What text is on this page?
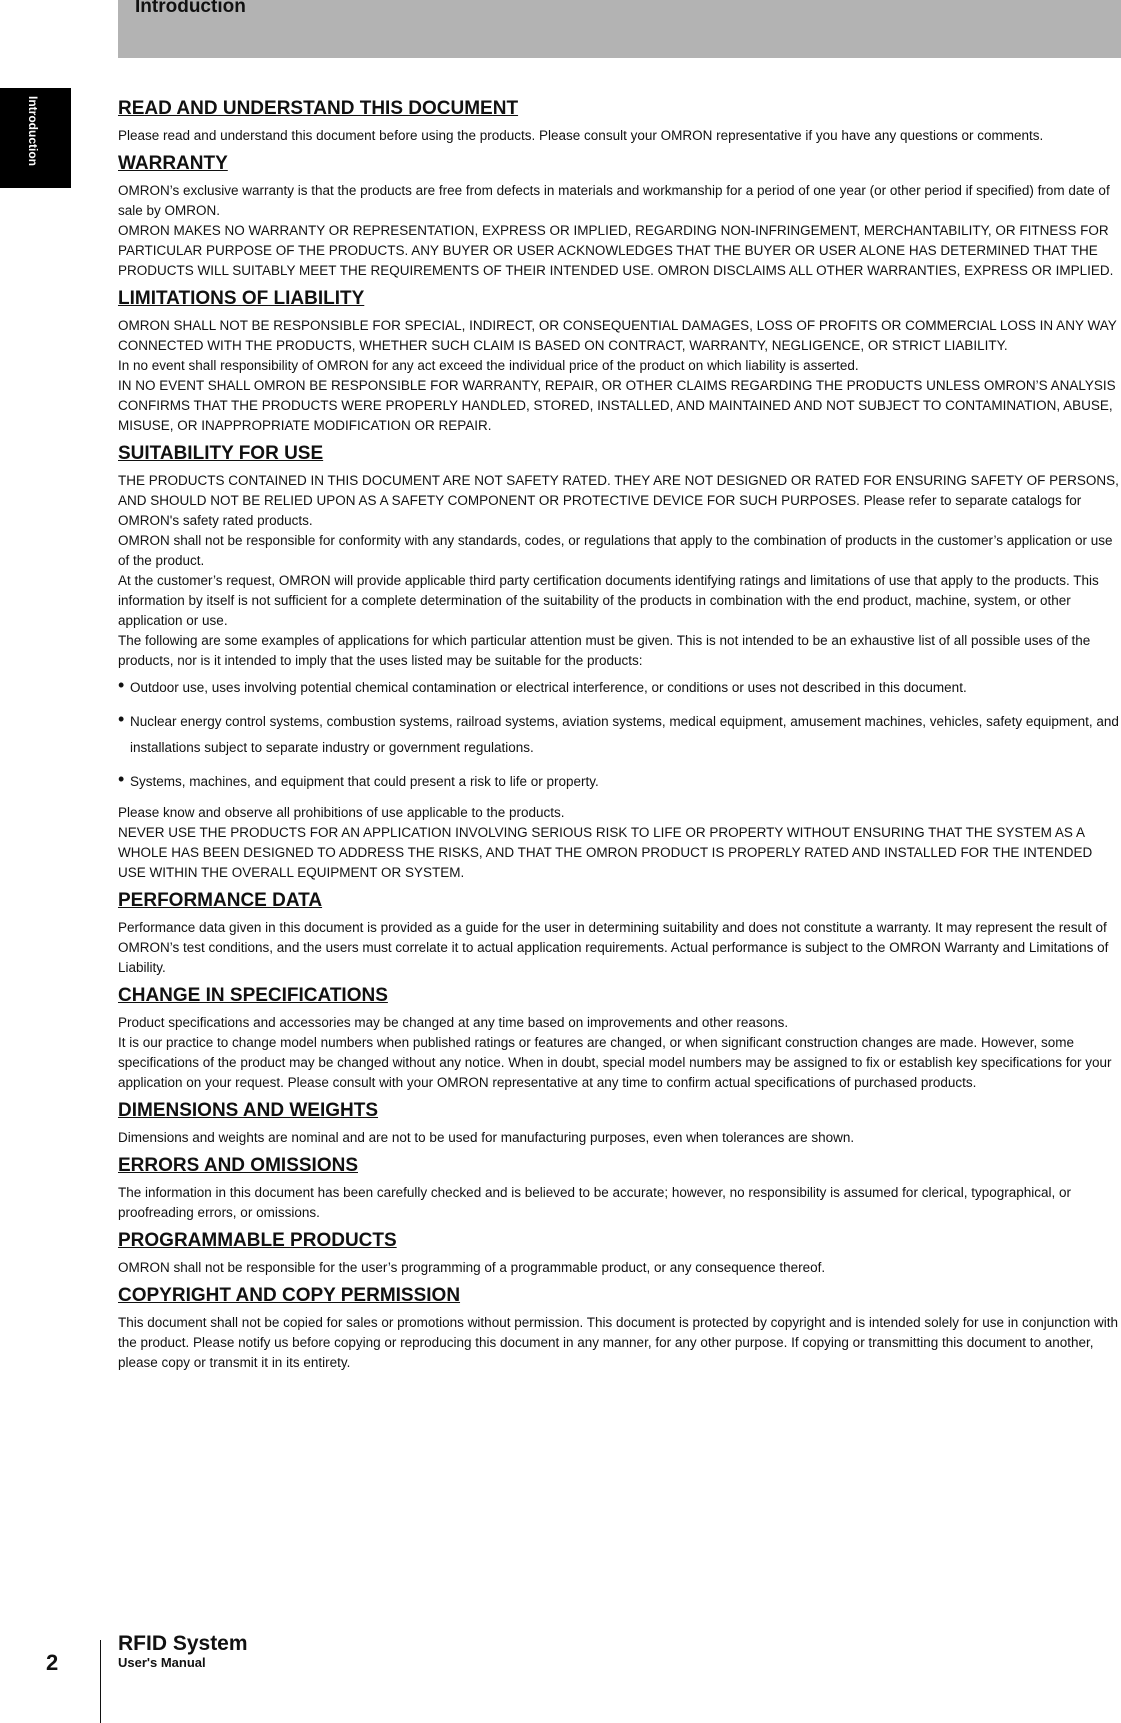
Introduction
Introduction	READ AND UNDERSTAND THIS DOCUMENT

Please read and understand this document before using the products. Please consult your OMRON representative if you have any questions or comments.

WARRANTY

OMRON’s exclusive warranty is that the products are free from defects in materials and workmanship for a period of one year (or other period if specified) from date of sale by OMRON.

OMRON MAKES NO WARRANTY OR REPRESENTATION, EXPRESS OR IMPLIED, REGARDING NON-INFRINGEMENT, MERCHANTABILITY, OR FITNESS FOR PARTICULAR PURPOSE OF THE PRODUCTS. ANY BUYER OR USER ACKNOWLEDGES THAT THE BUYER OR USER ALONE HAS DETERMINED THAT THE PRODUCTS WILL SUITABLY MEET THE REQUIREMENTS OF THEIR INTENDED USE. OMRON DISCLAIMS ALL OTHER WARRANTIES, EXPRESS OR IMPLIED.

LIMITATIONS OF LIABILITY

OMRON SHALL NOT BE RESPONSIBLE FOR SPECIAL, INDIRECT, OR CONSEQUENTIAL DAMAGES, LOSS OF PROFITS OR COMMERCIAL LOSS IN ANY WAY CONNECTED WITH THE PRODUCTS, WHETHER SUCH CLAIM IS BASED ON CONTRACT, WARRANTY, NEGLIGENCE, OR STRICT LIABILITY.

In no event shall responsibility of OMRON for any act exceed the individual price of the product on which liability is asserted.

IN NO EVENT SHALL OMRON BE RESPONSIBLE FOR WARRANTY, REPAIR, OR OTHER CLAIMS REGARDING THE PRODUCTS UNLESS OMRON’S ANALYSIS CONFIRMS THAT THE PRODUCTS WERE PROPERLY HANDLED, STORED, INSTALLED, AND MAINTAINED AND NOT SUBJECT TO CONTAMINATION, ABUSE, MISUSE, OR INAPPROPRIATE MODIFICATION OR REPAIR.

SUITABILITY FOR USE

THE PRODUCTS CONTAINED IN THIS DOCUMENT ARE NOT SAFETY RATED. THEY ARE NOT DESIGNED OR RATED FOR ENSURING SAFETY OF PERSONS, AND SHOULD NOT BE RELIED UPON AS A SAFETY COMPONENT OR PROTECTIVE DEVICE FOR SUCH PURPOSES. Please refer to separate catalogs for OMRON's safety rated products.

OMRON shall not be responsible for conformity with any standards, codes, or regulations that apply to the combination of products in the customer’s application or use of the product.

At the customer’s request, OMRON will provide applicable third party certification documents identifying ratings and limitations of use that apply to the products. This information by itself is not sufficient for a complete determination of the suitability of the products in combination with the end product, machine, system, or other application or use.

The following are some examples of applications for which particular attention must be given. This is not intended to be an exhaustive list of all possible uses of the products, nor is it intended to imply that the uses listed may be suitable for the products:

• Outdoor use, uses involving potential chemical contamination or electrical interference, or conditions or uses not described in this document.
• Nuclear energy control systems, combustion systems, railroad systems, aviation systems, medical equipment, amusement machines, vehicles, safety equipment, and installations subject to separate industry or government regulations.
• Systems, machines, and equipment that could present a risk to life or property.

Please know and observe all prohibitions of use applicable to the products.

NEVER USE THE PRODUCTS FOR AN APPLICATION INVOLVING SERIOUS RISK TO LIFE OR PROPERTY WITHOUT ENSURING THAT THE SYSTEM AS A WHOLE HAS BEEN DESIGNED TO ADDRESS THE RISKS, AND THAT THE OMRON PRODUCT IS PROPERLY RATED AND INSTALLED FOR THE INTENDED USE WITHIN THE OVERALL EQUIPMENT OR SYSTEM.

PERFORMANCE DATA

Performance data given in this document is provided as a guide for the user in determining suitability and does not constitute a warranty. It may represent the result of OMRON’s test conditions, and the users must correlate it to actual application requirements. Actual performance is subject to the OMRON Warranty and Limitations of Liability.

CHANGE IN SPECIFICATIONS

Product specifications and accessories may be changed at any time based on improvements and other reasons.

It is our practice to change model numbers when published ratings or features are changed, or when significant construction changes are made. However, some specifications of the product may be changed without any notice. When in doubt, special model numbers may be assigned to fix or establish key specifications for your application on your request. Please consult with your OMRON representative at any time to confirm actual specifications of purchased products.

DIMENSIONS AND WEIGHTS

Dimensions and weights are nominal and are not to be used for manufacturing purposes, even when tolerances are shown.

ERRORS AND OMISSIONS

The information in this document has been carefully checked and is believed to be accurate; however, no responsibility is assumed for clerical, typographical, or proofreading errors, or omissions.

PROGRAMMABLE PRODUCTS

OMRON shall not be responsible for the user’s programming of a programmable product, or any consequence thereof.

COPYRIGHT AND COPY PERMISSION

This document shall not be copied for sales or promotions without permission. This document is protected by copyright and is intended solely for use in conjunction with the product. Please notify us before copying or reproducing this document in any manner, for any other purpose. If copying or transmitting this document to another, please copy or transmit it in its entirety.

2
RFID System
User's Manual
